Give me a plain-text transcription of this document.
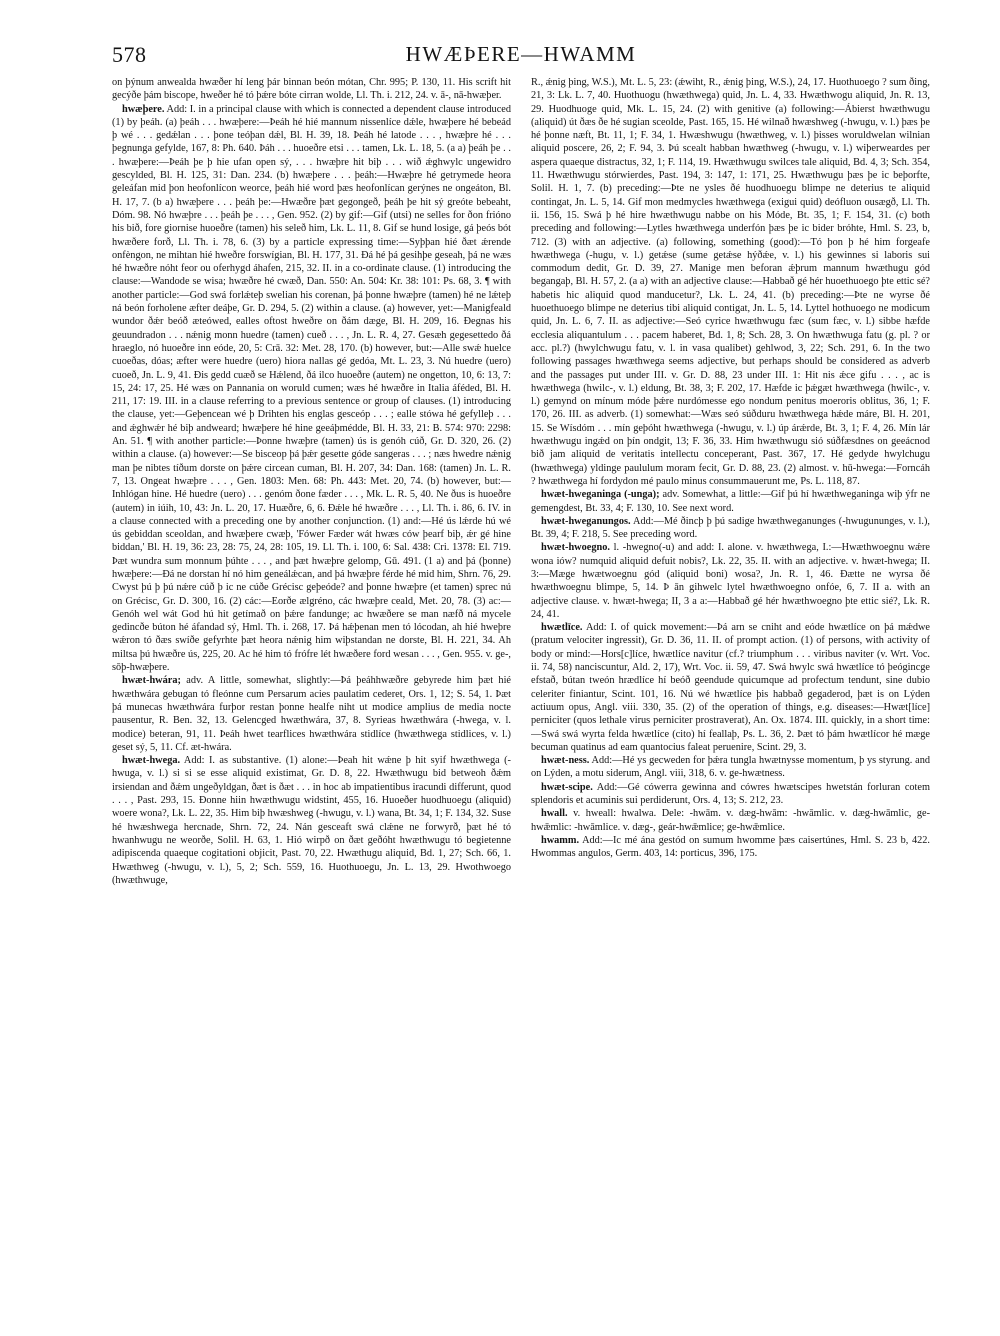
578	HWÆÞERE—HWAMM

on þýnum anwealda hwæðer hí leng þár binnan beón mótan, Chr. 995; P. 130, 11. His scrift hit gecýðe þám biscope, hweðer hé tó þǽre bóte cirran wolde, Ll. Th. i. 212, 24. v. ā-, nā-hwæþer.

hwæþere. Add: I. in a principal clause with which is connected a dependent clause introduced (1) by þeáh. (a) þeáh . . . hwæþere:—Þeáh hé hié mannum nissenlíce dǽle, hwæþere hé bebeád þ wé . . . gedǽlan . . . þone teóþan dǽl, Bl. H. 39, 18. Þeáh hé latode . . . , hwæþre hé . . . þegnunga gefylde, 167, 8: Ph. 640. Þáh . . . huoeðre etsi . . . tamen, Lk. L. 18, 5. (a a) þeáh þe . . . hwæþere:—Þeáh þe þ hie ufan open sý, . . . hwæþre hit biþ . . . wið ǽghwylc ungewidro gescylded, Bl. H. 125, 31: Dan. 234. (b) hwæþere . . . þeáh:—Hwæþre hé getrymede heora geleáfan mid þon heofonlícon weorce, þeáh hié word þæs heofonlícan gerýnes ne ongeáton, Bl. H. 17, 7. (b a) hwæþere . . . þeáh þe:—Hwæðre þæt gegongeð, þeáh þe hit sý greóte bebeaht, Dóm. 98. Nó hwæþre . . . þeáh þe . . . , Gen. 952. (2) by gif:—Gif (utsi) ne selles for ðon frióno his bið, fore giornise huoeðre (tamen) his seleð him, Lk. L. 11, 8. Gif se hund losige, gá þeós bót hwæðere forð, Ll. Th. i. 78, 6. (3) by a particle expressing time:—Syþþan hié ðæt ǽrende onfèngon, ne mihtan hié hweðre forswígian, Bl. H. 177, 31. Ðá hé þá gesihþe geseah, þá ne wæs hé hwæðre nóht feor ou oferhygd áhafen, 215, 32. II. in a co-ordinate clause. (1) introducing the clause:—Wandode se wisa; hwæðre hé cwæð, Dan. 550: An. 504: Kr. 38: 101: Ps. 68, 3. ¶ with another particle:—God swá forlǽteþ swelian his corenan, þá þonne hwæþre (tamen) hé ne lǽteþ ná beón forholene æfter deáþe, Gr. D. 294, 5. (2) within a clause. (a) however, yet:—Manigfeald wundor ðǽr beóð æteówed, ealles oftost hweðre on ðám dæge, Bl. H. 209, 16. Ðegnas his geuundradon . . . nǽnig monn huedre (tamen) cueð . . . , Jn. L. R. 4, 27. Gesæh gegesettedo ðá hraeglo, nó huoeðre inn eóde, 20, 5: Crā. 32: Met. 28, 170. (b) however, but:—Alle swǽ huelce cuoeðas, dóas; æfter were huedre (uero) hiora nallas gé gedóa, Mt. L. 23, 3. Nú huedre (uero) cuoeð, Jn. L. 9, 41. Ðis gedd cuæð se Hǽlend, ðá ilco huoeðre (autem) ne ongetton, 10, 6: 13, 7: 15, 24: 17, 25. Hé wæs on Pannania on woruld cumen; wæs hé hwæðre in Italia áféded, Bl. H. 211, 17: 19. III. in a clause referring to a previous sentence or group of clauses. (1) introducing the clause, yet:—Geþencean wé þ Drihten his englas gesceóp . . . ; ealle stówa hé gefylleþ . . . and ǽghwǽr hé biþ andweard; hwæþere hé hine geeáþmédde, Bl. H. 33, 21: B. 574: 970: 2298: An. 51. ¶ with another particle:—Þonne hwæþre (tamen) ús is genóh cúð, Gr. D. 320, 26. (2) within a clause. (a) however:—Se bisceop þá þǽr gesette góde sangeras . . . ; næs hwedre nǽnig man þe nibtes tíðum dorste on þǽre circean cuman, Bl. H. 207, 34: Dan. 168: (tamen) Jn. L. R. 7, 13. Ongeat hwæþre . . . , Gen. 1803: Men. 68: Ph. 443: Met. 20, 74. (b) however, but:—Inhlógan hine. Hé huedre (uero) . . . genóm ðone fæder . . . , Mk. L. R. 5, 40. Ne ðus is huoeðre (autem) in iúih, 10, 43: Jn. L. 20, 17. Huæðre, 6, 6. Ðǽle hé hwæðre . . . , Ll. Th. i. 86, 6. IV. in a clause connected with a preceding one by another conjunction. (1) and:—Hé ús lǽrde hú wé ús gebiddan sceoldan, and hwæþere cwæþ, 'Fówer Fæder wát hwæs ców þearf biþ, ǽr gé hine biddan,' Bl. H. 19, 36: 23, 28: 75, 24, 28: 105, 19. Ll. Th. i. 100, 6: Sal. 438: Cri. 1378: El. 719. Þæt wundra sum monnum þúhte . . . , and þæt hwæþre gelomp, Gū. 491. (1 a) and þá (þonne) hwæþere:—Ðá ne dorstan hí nó him geneálǽcan, and þá hwæþre férde hé mid him, Shrn. 76, 29. Cwyst þú þ þú nǽre cúð þ ic ne cúðe Grécisc geþeóde? and þonne hwæþre (et tamen) sprec nú on Grécisc, Gr. D. 300, 16. (2) các:—Eorðe ælgréno, các hwæþre ceald, Met. 20, 78. (3) ac:—Genóh wel wát God hú hit getímað on þǽre fandunge; ac hwæðere se man næfð ná mycele gedincðe búton hé áfandad sý, Hml. Th. i. 268, 17. Þá hǽþenan men tó lócodan, ah hié hweþre wǽron tó ðæs swíðe gefyrhte þæt heora nǽnig him wiþstandan ne dorste, Bl. H. 221, 34. Ah miltsa þú hwæðre ús, 225, 20. Ac hé him tó frófre lét hwæðere ford wesan . . . , Gen. 955. v. ge-, sōþ-hwæþere.

hwæt-hwára; adv. A little, somewhat, slightly:—Þá þeáhhwæðre gebyrede him þæt hié hwæthwára gebugan tó fleónne cum Persarum acies paulatim cederet, Ors. 1, 12; S. 54, 1. Þæt þá munecas hwæthwára furþor restan þonne healfe niht ut modice amplius de media nocte pausentur, R. Ben. 32, 13. Gelencged hwæthwára, 37, 8. Syrieas hwæthwára (-hwega, v. l. modice) beteran, 91, 11. Þeáh hwet tearflices hwæthwára stidlíce (hwæthwega stidlices, v. l.) geset sý, 5, 11. Cf. æt-hwára.

hwæt-hwega. Add: I. as substantive. (1) alone:—Þeah hit wǽne þ hit syif hwæthwega (-hwuga, v. l.) si si se esse aliquid existimat, Gr. D. 8, 22. Hwæthwugu bid betweoh ðǽm irsiendan and ðǽm ungeðyldgan, ðæt is ðæt . . . in hoc ab impatientibus iracundi differunt, quod . . . , Past. 293, 15. Ðonne hiin hwæthwugu widstint, 455, 16. Huoeðer huodhuoegu (aliquid) woere wona?, Lk. L. 22, 35. Him biþ hwæshweg (-hwugu, v. l.) wana, Bt. 34, 1; F. 134, 32. Suse hé hwæshwega hercnade, Shrn. 72, 24. Nán gesceaft swá clǽne ne forwyrð, þæt hé tó hwanhwugu ne weorðe, Solil. H. 63, 1. Hió wirpð on ðæt geðóht hwæthwugu tó begietenne adipiscenda quaeque cogitationi objicit, Past. 70, 22. Hwæthugu aliquid, Bd. 1, 27; Sch. 66, 1. Hwæthweg (-hwugu, v. l.), 5, 2; Sch. 559, 16. Huothuoegu, Jn. L. 13, 29. Hwothwoego (hwæthwuge,

R., ǽnig þing, W.S.), Mt. L. 5, 23: (ǽwiht, R., ǽnig þing, W.S.), 24, 17. Huothuoego ? sum ðing, 21, 3: Lk. L. 7, 40. Huothuogu (hwæthwega) quid, Jn. L. 4, 33. Hwæthwogu aliquid, Jn. R. 13, 29. Huodhuoge quid, Mk. L. 15, 24. (2) with genitive (a) following:—Ábierst hwæthwugu (aliquid) út ðæs ðe hé sugian sceolde, Past. 165, 15. Hé wilnað hwæshweg (-hwugu, v. l.) þæs þe hé þonne næft, Bt. 11, 1; F. 34, 1. Hwæshwugu (hwæthweg, v. l.) þisses woruldwelan wilnian aliquid poscere, 26, 2; F. 94, 3. Þú scealt habban hwæthweg (-hwugu, v. l.) wiþerweardes per aspera quaeque distractus, 32, 1; F. 114, 19. Hwæthwugu swilces tale aliquid, Bd. 4, 3; Sch. 354, 11. Hwæthwugu stórwierdes, Past. 194, 3: 147, 1: 171, 25. Hwæthwugu þæs þe ic beþorfte, Solil. H. 1, 7. (b) preceding:—Þte ne ysles ðé huodhuoegu blimpe ne deterius te aliquid contingat, Jn. L. 5, 14. Gif mon medmycles hwæthwega (exigui quid) deófluon ousægð, Ll. Th. ii. 156, 15. Swá þ hé hire hwæthwugu nabbe on his Móde, Bt. 35, 1; F. 154, 31. (c) both preceding and following:—Lytles hwæthwega underfón þæs þe ic bider bróhte, Hml. S. 23, b, 712. (3) with an adjective. (a) following, something (good):—Tó þon þ hé him forgeafe hwæthwega (-hugu, v. l.) getǽse (sume getǽse hýðǽe, v. l.) his gewinnes si laboris sui commodum dedit, Gr. D. 39, 27. Manige men beforan ǽþrum mannum hwæthugu gód begangaþ, Bl. H. 57, 2. (a a) with an adjective clause:—Habbað gé hér huoethuoego þte ettic sé? habetis hic aliquid quod manducetur?, Lk. L. 24, 41. (b) preceding:—Þte ne wyrse ðé huoethuoego blimpe ne deterius tibi aliquid contigat, Jn. L. 5, 14. Lyttel hothuoego ne modicum quid, Jn. L. 6, 7. II. as adjective:—Seó cyrice hwæthwugu fæc (sum fæc, v. l.) sibbe hæfde ecclesia aliquantulum . . . pacem haberet, Bd. 1, 8; Sch. 28, 3. On hwæthwuga fatu (g. pl. ? or acc. pl.?) (hwylchwugu fatu, v. l. in vasa qualibet) gehlwod, 3, 22; Sch. 291, 6. In the two following passages hwæthwega seems adjective, but perhaps should be considered as adverb and the passages put under III. v. Gr. D. 88, 23 under III. 1: Hit nis ǽce gifu . . . , ac is hwæthwega (hwilc-, v. l.) eldung, Bt. 38, 3; F. 202, 17. Hæfde ic þǽgæt hwæthwega (hwilc-, v. l.) gemynd on mínum móde þǽre nurdómesse ego nondum penitus moeroris oblitus, 36, 1; F. 170, 26. III. as adverb. (1) somewhat:—Wæs seó súðduru hwæthwega hǽde máre, Bl. H. 201, 15. Se Wísdóm . . . mín geþóht hwæthwega (-hwugu, v. l.) úp árǽrde, Bt. 3, 1; F. 4, 26. Mín lár hwæthwugu ingǽd on þín ondgit, 13; F. 36, 33. Him hwæthwugu sió súðfæsdnes on geeácnod bið jam aliquid de veritatis intellectu conceperant, Past. 367, 17. Hé gedyde hwylchugu (hwæthwega) yldinge paululum moram fecit, Gr. D. 88, 23. (2) almost. v. hū-hwega:—Forncáh ? hwæthwega hí fordydon mé paulo minus consummauerunt me, Ps. L. 118, 87.

hwæt-hweganinga (-unga); adv. Somewhat, a little:—Gif þú hí hwæthweganinga wiþ ýfr ne gemengdest, Bt. 33, 4; F. 130, 10. See next word.

hwæt-hweganungos. Add:—Mé ðincþ þ þú sadige hwæthweganunges (-hwugununges, v. l.), Bt. 39, 4; F. 218, 5. See preceding word.

hwæt-hwoegno. l. -hwegno(-u) and add: I. alone. v. hwæthwega, I.:—Hwæthwoegnu wǽre wona iów? numquid aliquid defuit nobis?, Lk. 22, 35. II. with an adjective. v. hwæt-hwega; II. 3:—Mæge hwætwoegnu gód (aliquid boni) wosa?, Jn. R. 1, 46. Ðætte ne wyrsa ðé hwæthwoegnu blimpe, 5, 14. Þ ān gihwelc lytel hwæthwoegno onfóe, 6, 7. II a. with an adjective clause. v. hwæt-hwega; II, 3 a a:—Habbað gé hér hwæthwoegno þte ettic sié?, Lk. R. 24, 41.

hwætlīce. Add: I. of quick movement:—Þá arn se cniht and eóde hwætlíce on þá mǽdwe (pratum velociter ingressit), Gr. D. 36, 11. II. of prompt action. (1) of persons, with activity of body or mind:—Hors[c]líce, hwætlíce navitur (cf.? triumphum . . . viribus naviter (v. Wrt. Voc. ii. 74, 58) nanciscuntur, Ald. 2, 17), Wrt. Voc. ii. 59, 47. Swá hwylc swá hwætlíce tó þeógincge efstað, bútan tweón hrædlíce hí beóð geendude quicumque ad profectum tendunt, sine dubio celeriter finiantur, Scint. 101, 16. Nú wé hwætlíce þis habbað gegaderod, þæt is on Lýden actiuum opus, Angl. viii. 330, 35. (2) of the operation of things, e.g. diseases:—Hwæt[líce] perniciter (quos lethale virus perniciter prostraverat), An. Ox. 1874. III. quickly, in a short time:—Swá swá wyrta felda hwætlíce (cito) hí feallaþ, Ps. L. 36, 2. Þæt tó þám hwætlícor hé mæge becuman quatinus ad eam quantocius faleat peruenire, Scint. 29, 3.

hwæt-ness. Add:—Hé ys gecweden for þǽra tungla hwætnysse momentum, þ ys styrung. and on Lýden, a motu siderum, Angl. viii, 318, 6. v. ge-hwætness.

hwæt-scipe. Add:—Gé cówerra gewinna and cówres hwætscipes hwetstán forluran cotem splendoris et acuminis sui perdiderunt, Ors. 4, 13; S. 212, 23.

hwall. v. hweall: hwalwa. Dele: -hwām. v. dæg-hwām: -hwāmlic. v. dæg-hwāmlic, ge-hwǣmlic: -hwāmlice. v. dæg-, geár-hwǣmlice; ge-hwǣmlice.

hwamm. Add:—Ic mé ána gestód on sumum hwomme þæs caisertúnes, Hml. S. 23 b, 422. Hwommas angulos, Germ. 403, 14: porticus, 396, 175.
